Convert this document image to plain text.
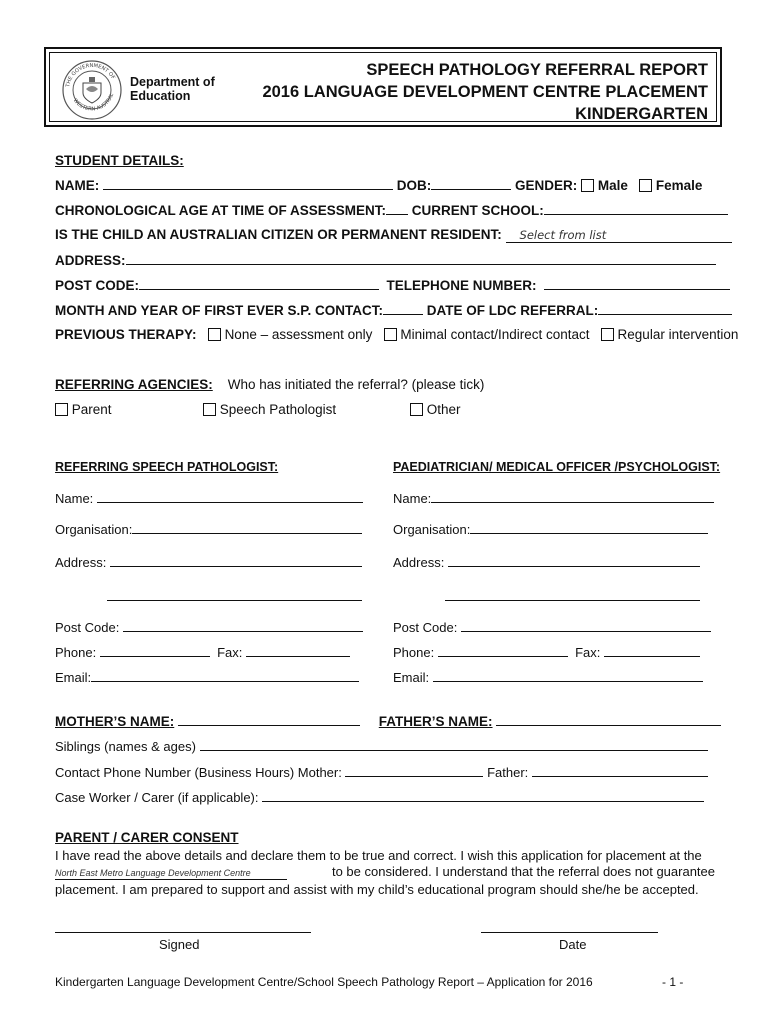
THE GOVERNMENT OF
WESTERN AUSTRAL
Department of
Education
SPEECH PATHOLOGY REFERRAL REPORT
2016 LANGUAGE DEVELOPMENT CENTRE PLACEMENT
KINDERGARTEN
STUDENT DETAILS:
NAME:	DOB:	GENDER: Male Female
CHRONOLOGICAL AGE AT TIME OF ASSESSMENT: CURRENT SCHOOL:
IS THE CHILD AN AUSTRALIAN CITIZEN OR PERMANENT RESIDENT: Select from list
ADDRESS:
POST CODE:	TELEPHONE NUMBER:
MONTH AND YEAR OF FIRST EVER S.P. CONTACT:	DATE OF LDC REFERRAL:
PREVIOUS THERAPY: None – assessment only Minimal contact/Indirect contact Regular intervention
REFERRING AGENCIES: Who has initiated the referral? (please tick)
Parent	Speech Pathologist	Other
REFERRING SPEECH PATHOLOGIST:
Name:
Organisation:
Address:
Post Code:
Phone:	Fax:
Email:
PAEDIATRICIAN/ MEDICAL OFFICER /PSYCHOLOGIST:
Name:
Organisation:
Address:
Post Code:
Phone:	Fax:
Email:
MOTHER’S NAME:	FATHER’S NAME:
Siblings (names & ages)
Contact Phone Number (Business Hours) Mother:	Father:
Case Worker / Carer (if applicable):
PARENT / CARER CONSENT
I have read the above details and declare them to be true and correct. I wish this application for placement at the
North East Metro Language Development Centre	to be considered. I understand that the referral does not guarantee
placement. I am prepared to support and assist with my child’s educational program should she/he be accepted.
Signed	Date
Kindergarten Language Development Centre/School Speech Pathology Report – Application for 2016	- 1 -
